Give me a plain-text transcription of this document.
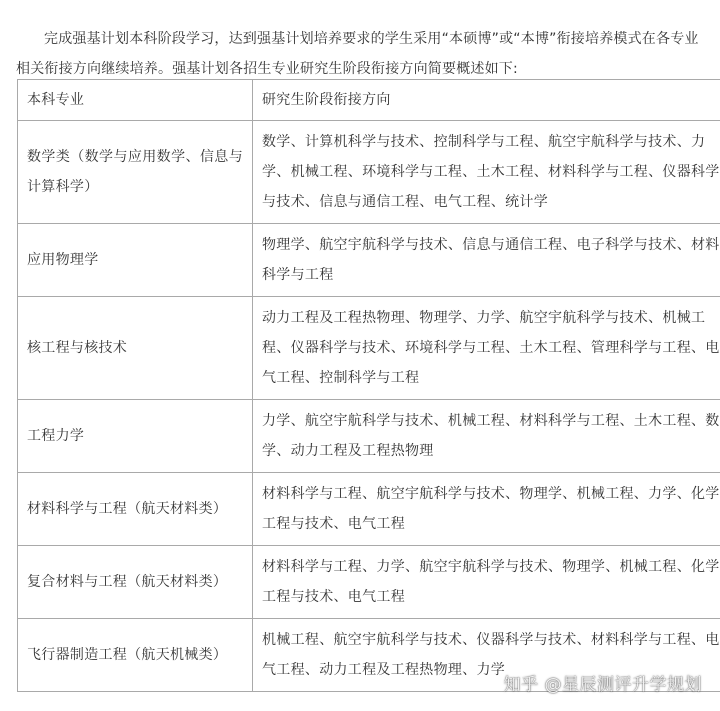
完成强基计划本科阶段学习，达到强基计划培养要求的学生采用“本硕博”或“本博”衔接培养模式在各专业相关衔接方向继续培养。强基计划各招生专业研究生阶段衔接方向简要概述如下:

本科专业	研究生阶段衔接方向
数学类（数学与应用数学、信息与计算科学）	数学、计算机科学与技术、控制科学与工程、航空宇航科学与技术、力学、机械工程、环境科学与工程、土木工程、材料科学与工程、仪器科学与技术、信息与通信工程、电气工程、统计学
应用物理学	物理学、航空宇航科学与技术、信息与通信工程、电子科学与技术、材料科学与工程
核工程与核技术	动力工程及工程热物理、物理学、力学、航空宇航科学与技术、机械工程、仪器科学与技术、环境科学与工程、土木工程、管理科学与工程、电气工程、控制科学与工程
工程力学	力学、航空宇航科学与技术、机械工程、材料科学与工程、土木工程、数学、动力工程及工程热物理
材料科学与工程（航天材料类）	材料科学与工程、航空宇航科学与技术、物理学、机械工程、力学、化学工程与技术、电气工程
复合材料与工程（航天材料类）	材料科学与工程、力学、航空宇航科学与技术、物理学、机械工程、化学工程与技术、电气工程
飞行器制造工程（航天机械类）	机械工程、航空宇航科学与技术、仪器科学与技术、材料科学与工程、电气工程、动力工程及工程热物理、力学
知乎 @星辰测评升学规划
